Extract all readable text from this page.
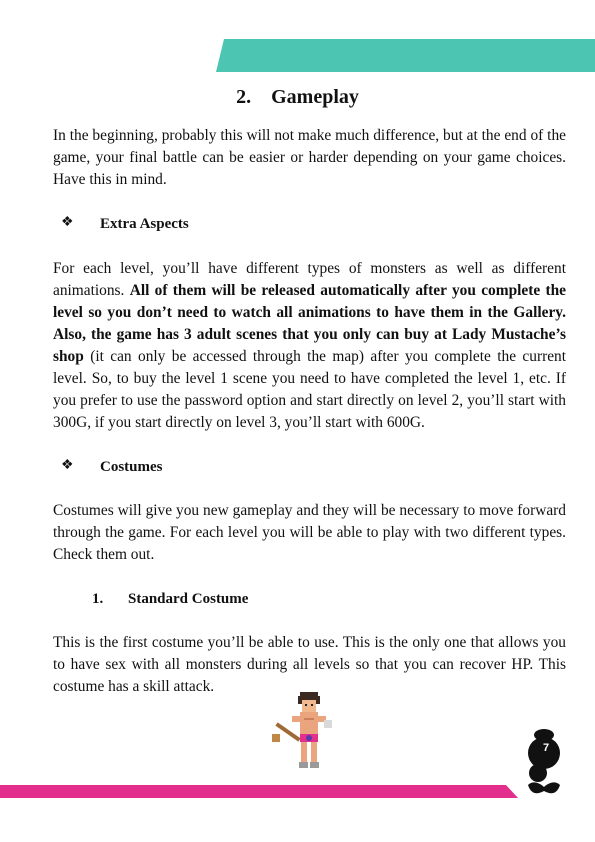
2. Gameplay

In the beginning, probably this will not make much difference, but at the end of the game, your final battle can be easier or harder depending on your game choices. Have this in mind.

❖ Extra Aspects

For each level, you’ll have different types of monsters as well as different animations. All of them will be released automatically after you complete the level so you don’t need to watch all animations to have them in the Gallery. Also, the game has 3 adult scenes that you only can buy at Lady Mustache’s shop (it can only be accessed through the map) after you complete the current level. So, to buy the level 1 scene you need to have completed the level 1, etc. If you prefer to use the password option and start directly on level 2, you’ll start with 300G, if you start directly on level 3, you’ll start with 600G.

❖ Costumes

Costumes will give you new gameplay and they will be necessary to move forward through the game. For each level you will be able to play with two different types. Check them out.

1. Standard Costume

This is the first costume you’ll be able to use. This is the only one that allows you to have sex with all monsters during all levels so that you can recover HP. This costume has a skill attack.

7
